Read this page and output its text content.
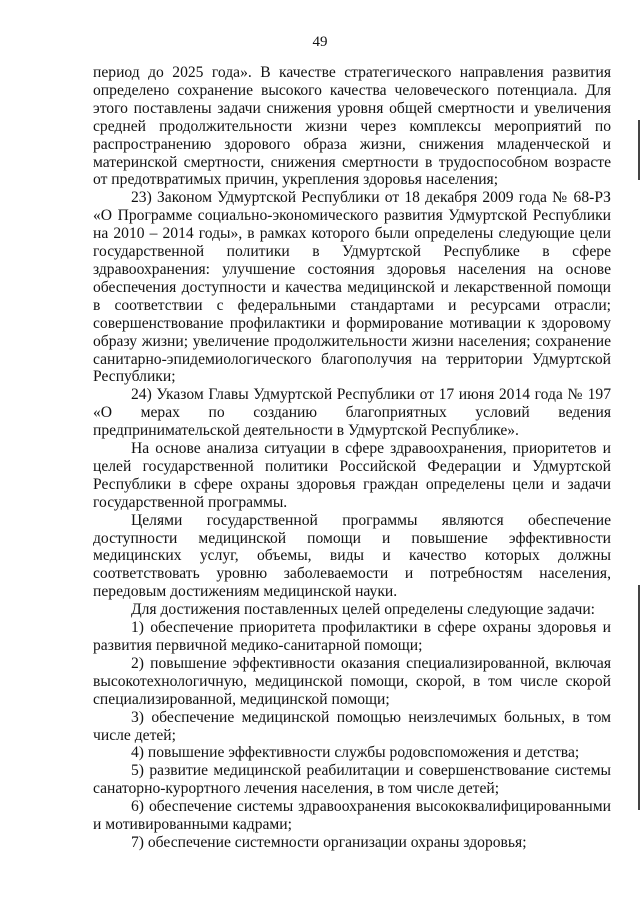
49

период до 2025 года». В качестве стратегического направления развития определено сохранение высокого качества человеческого потенциала. Для этого поставлены задачи снижения уровня общей смертности и увеличения средней продолжительности жизни через комплексы мероприятий по распространению здорового образа жизни, снижения младенческой и материнской смертности, снижения смертности в трудоспособном возрасте от предотвратимых причин, укрепления здоровья населения;

23) Законом Удмуртской Республики от 18 декабря 2009 года № 68-РЗ «О Программе социально-экономического развития Удмуртской Республики на 2010 – 2014 годы», в рамках которого были определены следующие цели государственной политики в Удмуртской Республике в сфере здравоохранения: улучшение состояния здоровья населения на основе обеспечения доступности и качества медицинской и лекарственной помощи в соответствии с федеральными стандартами и ресурсами отрасли; совершенствование профилактики и формирование мотивации к здоровому образу жизни; увеличение продолжительности жизни населения; сохранение санитарно-эпидемиологического благополучия на территории Удмуртской Республики;

24) Указом Главы Удмуртской Республики от 17 июня 2014 года № 197 «О мерах по созданию благоприятных условий ведения предпринимательской деятельности в Удмуртской Республике».

На основе анализа ситуации в сфере здравоохранения, приоритетов и целей государственной политики Российской Федерации и Удмуртской Республики в сфере охраны здоровья граждан определены цели и задачи государственной программы.

Целями государственной программы являются обеспечение доступности медицинской помощи и повышение эффективности медицинских услуг, объемы, виды и качество которых должны соответствовать уровню заболеваемости и потребностям населения, передовым достижениям медицинской науки.

Для достижения поставленных целей определены следующие задачи:

1) обеспечение приоритета профилактики в сфере охраны здоровья и развития первичной медико-санитарной помощи;

2) повышение эффективности оказания специализированной, включая высокотехнологичную, медицинской помощи, скорой, в том числе скорой специализированной, медицинской помощи;

3) обеспечение медицинской помощью неизлечимых больных, в том числе детей;

4) повышение эффективности службы родовспоможения и детства;

5) развитие медицинской реабилитации и совершенствование системы санаторно-курортного лечения населения, в том числе детей;

6) обеспечение системы здравоохранения высококвалифицированными и мотивированными кадрами;

7) обеспечение системности организации охраны здоровья;
